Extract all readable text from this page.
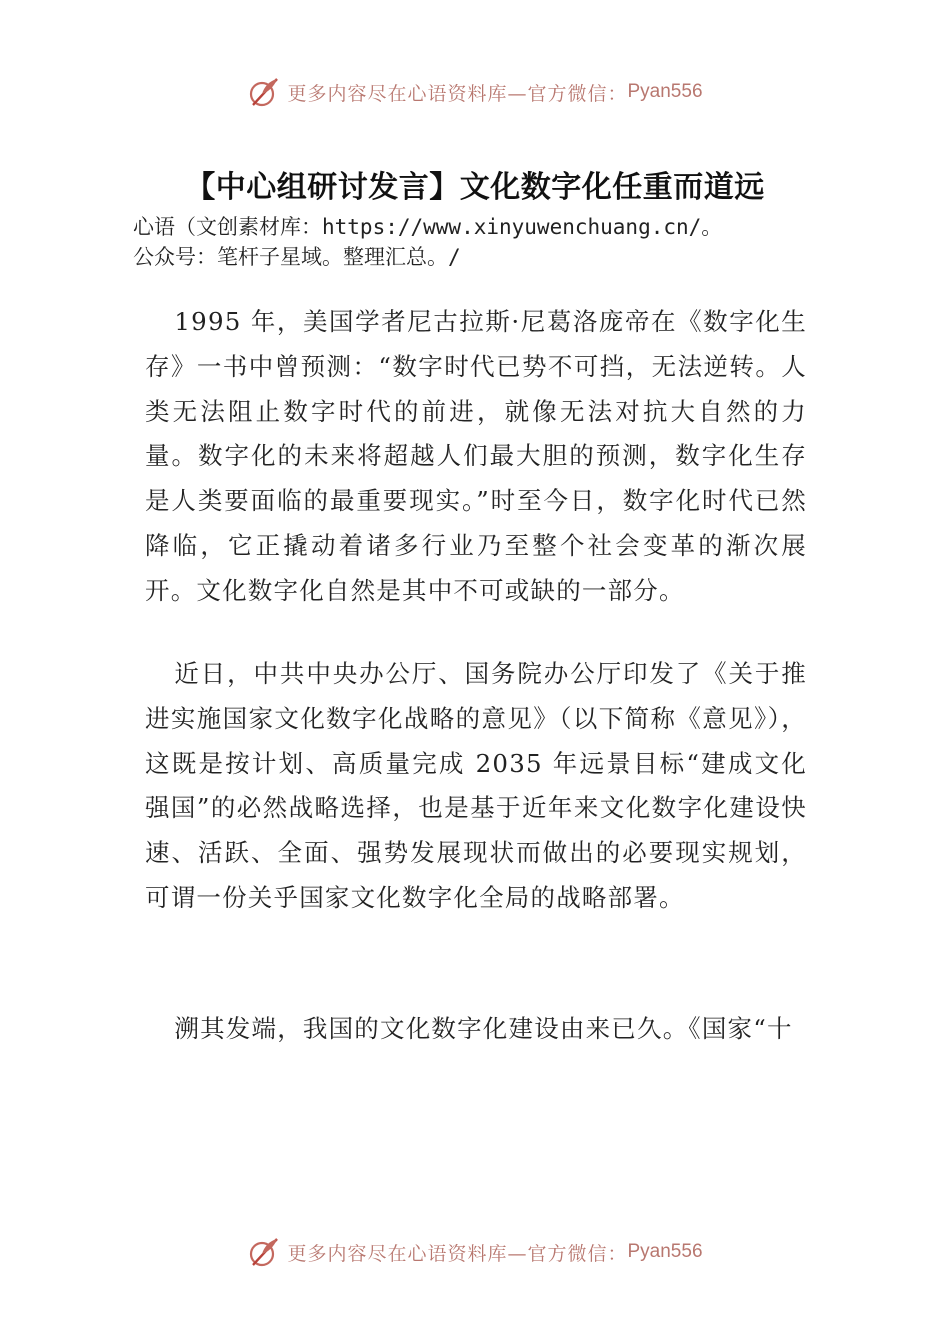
更多内容尽在心语资料库—官方微信： Pyan556
【中心组研讨发言】文化数字化任重而道远
心语（文创素材库：https://www.xinyuwenchuang.cn/。
公众号：笔杆子星域。整理汇总。/

1995 年，美国学者尼古拉斯·尼葛洛庞帝在《数字化生存》一书中曾预测：“数字时代已势不可挡，无法逆转。人类无法阻止数字时代的前进，就像无法对抗大自然的力量。数字化的未来将超越人们最大胆的预测，数字化生存是人类要面临的最重要现实。”时至今日，数字化时代已然降临，它正撬动着诸多行业乃至整个社会变革的渐次展开。文化数字化自然是其中不可或缺的一部分。

近日，中共中央办公厅、国务院办公厅印发了《关于推进实施国家文化数字化战略的意见》（以下简称《意见》），这既是按计划、高质量完成 2035 年远景目标“建成文化强国”的必然战略选择，也是基于近年来文化数字化建设快速、活跃、全面、强势发展现状而做出的必要现实规划，可谓一份关乎国家文化数字化全局的战略部署。

溯其发端，我国的文化数字化建设由来已久。《国家“十

更多内容尽在心语资料库—官方微信： Pyan556
